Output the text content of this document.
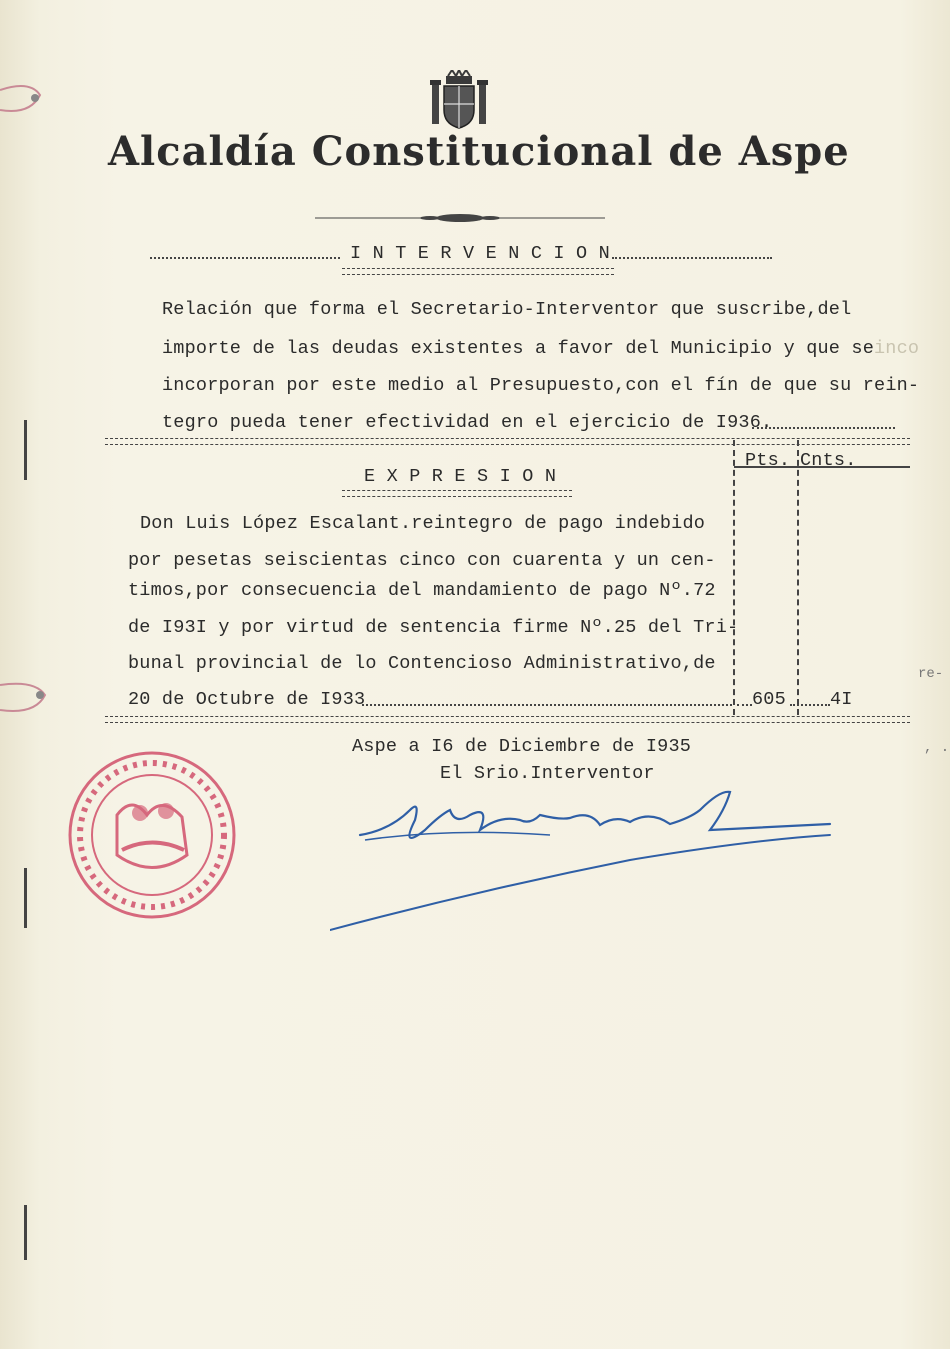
Alcaldía Constitucional de Aspe
I N T E R V E N C I O N
Relación que forma el Secretario-Interventor que suscribe,del
importe de las deudas existentes a favor del Municipio y que se inco
incorporan por este medio al Presupuesto,con el fín de que su rein-
tegro pueda tener efectividad en el ejercicio de I936.
Pts. Cnts.
E X P R E S I O N
Don Luis López Escalant.reintegro de pago indebido
por pesetas seiscientas cinco con cuarenta y un cen-
timos,por consecuencia del mandamiento de pago Nº.72
de I93I y por virtud de sentencia firme Nº.25 del Tri-
bunal provincial de lo Contencioso Administrativo,de
20 de Octubre de I933	605 4I
Aspe a I6 de Diciembre de I935
El Srio.Interventor
re-
, .
